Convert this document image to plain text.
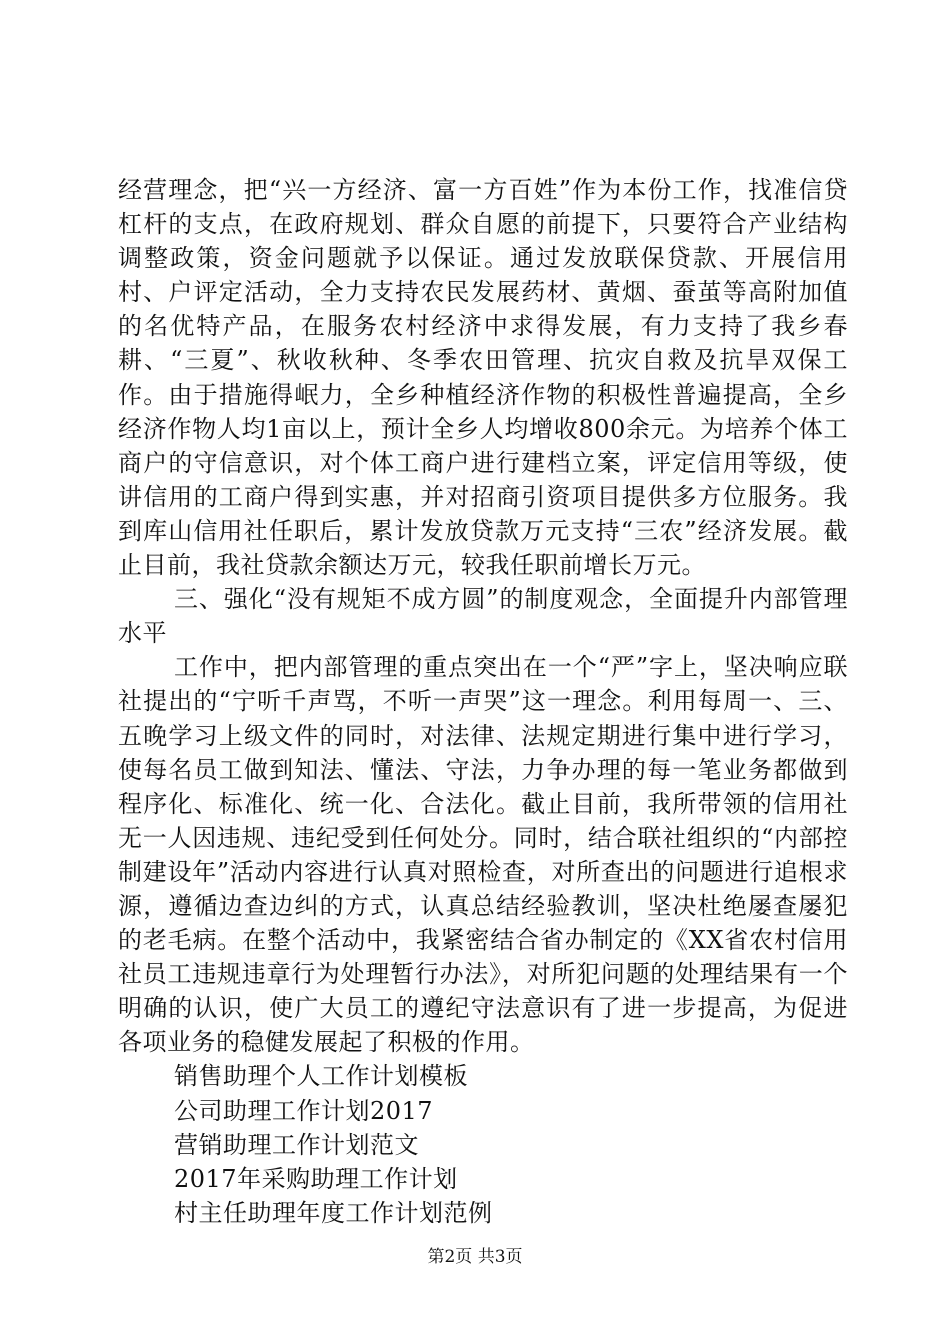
经营理念，把“兴一方经济、富一方百姓”作为本份工作，找准信贷杠杆的支点，在政府规划、群众自愿的前提下，只要符合产业结构调整政策，资金问题就予以保证。通过发放联保贷款、开展信用村、户评定活动，全力支持农民发展药材、黄烟、蚕茧等高附加值的名优特产品，在服务农村经济中求得发展，有力支持了我乡春耕、“三夏”、秋收秋种、冬季农田管理、抗灾自救及抗旱双保工作。由于措施得岷力，全乡种植经济作物的积极性普遍提高，全乡经济作物人均1亩以上，预计全乡人均增收800余元。为培养个体工商户的守信意识，对个体工商户进行建档立案，评定信用等级，使讲信用的工商户得到实惠，并对招商引资项目提供多方位服务。我到库山信用社任职后，累计发放贷款万元支持“三农”经济发展。截止目前，我社贷款余额达万元，较我任职前增长万元。

三、强化“没有规矩不成方圆”的制度观念，全面提升内部管理水平

工作中，把内部管理的重点突出在一个“严”字上，坚决响应联社提出的“宁听千声骂，不听一声哭”这一理念。利用每周一、三、五晚学习上级文件的同时，对法律、法规定期进行集中进行学习，使每名员工做到知法、懂法、守法，力争办理的每一笔业务都做到程序化、标准化、统一化、合法化。截止目前，我所带领的信用社无一人因违规、违纪受到任何处分。同时，结合联社组织的“内部控制建设年”活动内容进行认真对照检查，对所查出的问题进行追根求源，遵循边查边纠的方式，认真总结经验教训，坚决杜绝屡查屡犯的老毛病。在整个活动中，我紧密结合省办制定的《XX省农村信用社员工违规违章行为处理暂行办法》，对所犯问题的处理结果有一个明确的认识，使广大员工的遵纪守法意识有了进一步提高，为促进各项业务的稳健发展起了积极的作用。

销售助理个人工作计划模板

公司助理工作计划2017

营销助理工作计划范文

2017年采购助理工作计划

村主任助理年度工作计划范例

第2页 共3页
